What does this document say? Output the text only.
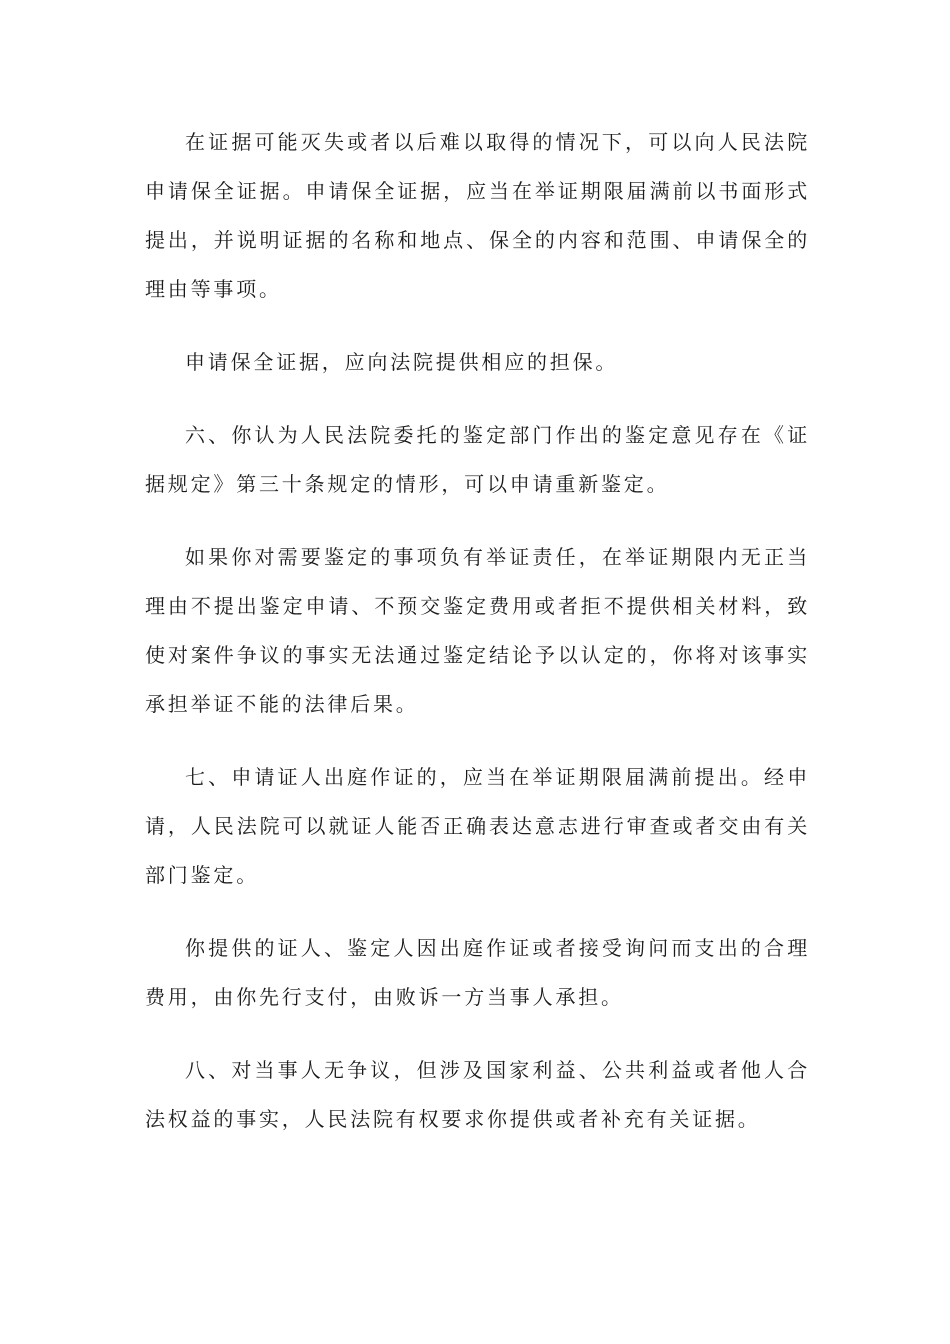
在证据可能灭失或者以后难以取得的情况下，可以向人民法院申请保全证据。申请保全证据，应当在举证期限届满前以书面形式提出，并说明证据的名称和地点、保全的内容和范围、申请保全的理由等事项。

申请保全证据，应向法院提供相应的担保。

六、你认为人民法院委托的鉴定部门作出的鉴定意见存在《证据规定》第三十条规定的情形，可以申请重新鉴定。

如果你对需要鉴定的事项负有举证责任，在举证期限内无正当理由不提出鉴定申请、不预交鉴定费用或者拒不提供相关材料，致使对案件争议的事实无法通过鉴定结论予以认定的，你将对该事实承担举证不能的法律后果。

七、申请证人出庭作证的，应当在举证期限届满前提出。经申请，人民法院可以就证人能否正确表达意志进行审查或者交由有关部门鉴定。

你提供的证人、鉴定人因出庭作证或者接受询问而支出的合理费用，由你先行支付，由败诉一方当事人承担。

八、对当事人无争议，但涉及国家利益、公共利益或者他人合法权益的事实，人民法院有权要求你提供或者补充有关证据。
